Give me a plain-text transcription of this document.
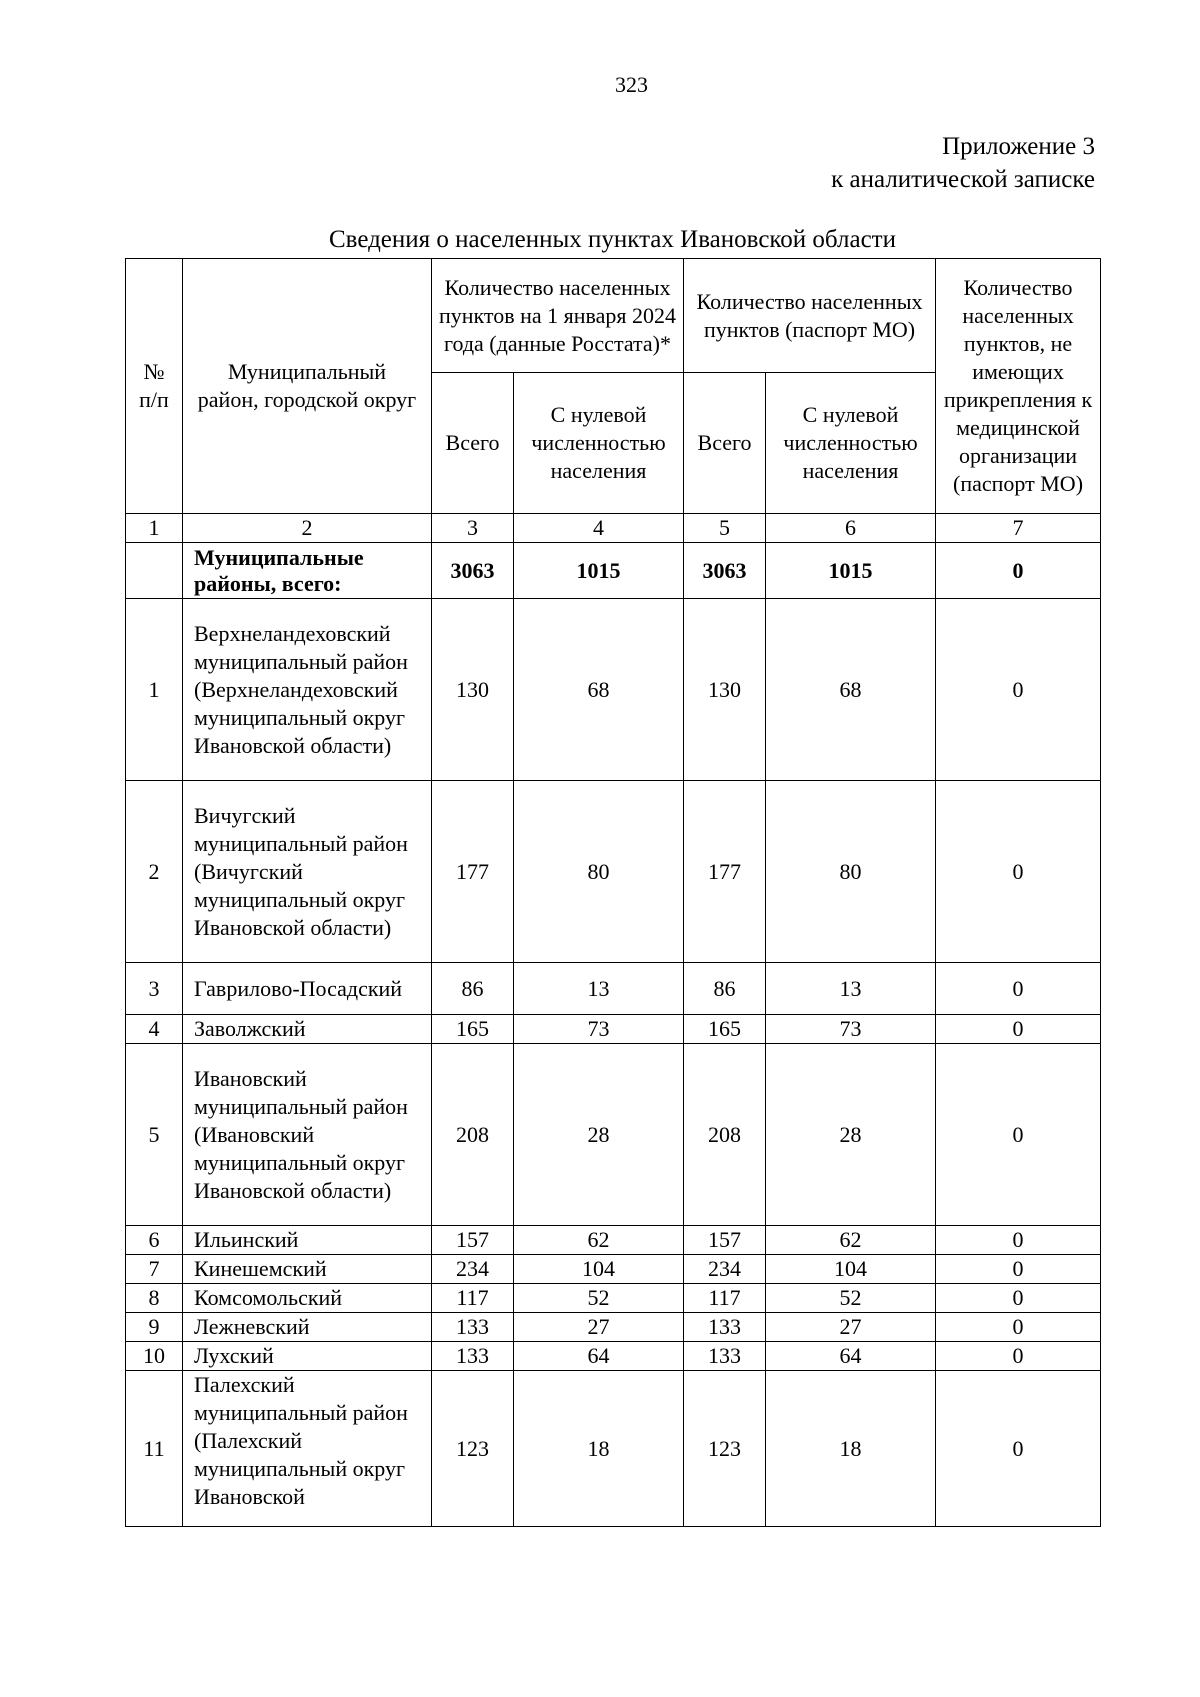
323
Приложение 3
к аналитической записке
Сведения о населенных пунктах Ивановской области
№ п/п	Муниципальный район, городской округ	Количество населенных пунктов на 1 января 2024 года (данные Росстата)*		Количество населенных пунктов (паспорт МО)		Количество населенных пунктов, не имеющих прикрепления к медицинской организации (паспорт МО)
		Всего	С нулевой численностью населения	Всего	С нулевой численностью населения	
1	2	3	4	5	6	7
	Муниципальные районы, всего:	3063	1015	3063	1015	0
1	Верхнеландеховский муниципальный район (Верхнеландеховский муниципальный округ Ивановской области)	130	68	130	68	0
2	Вичугский муниципальный район (Вичугский муниципальный округ Ивановской области)	177	80	177	80	0
3	Гаврилово-Посадский	86	13	86	13	0
4	Заволжский	165	73	165	73	0
5	Ивановский муниципальный район (Ивановский муниципальный округ Ивановской области)	208	28	208	28	0
6	Ильинский	157	62	157	62	0
7	Кинешемский	234	104	234	104	0
8	Комсомольский	117	52	117	52	0
9	Лежневский	133	27	133	27	0
10	Лухский	133	64	133	64	0
11	Палехский муниципальный район (Палехский муниципальный округ Ивановской	123	18	123	18	0
